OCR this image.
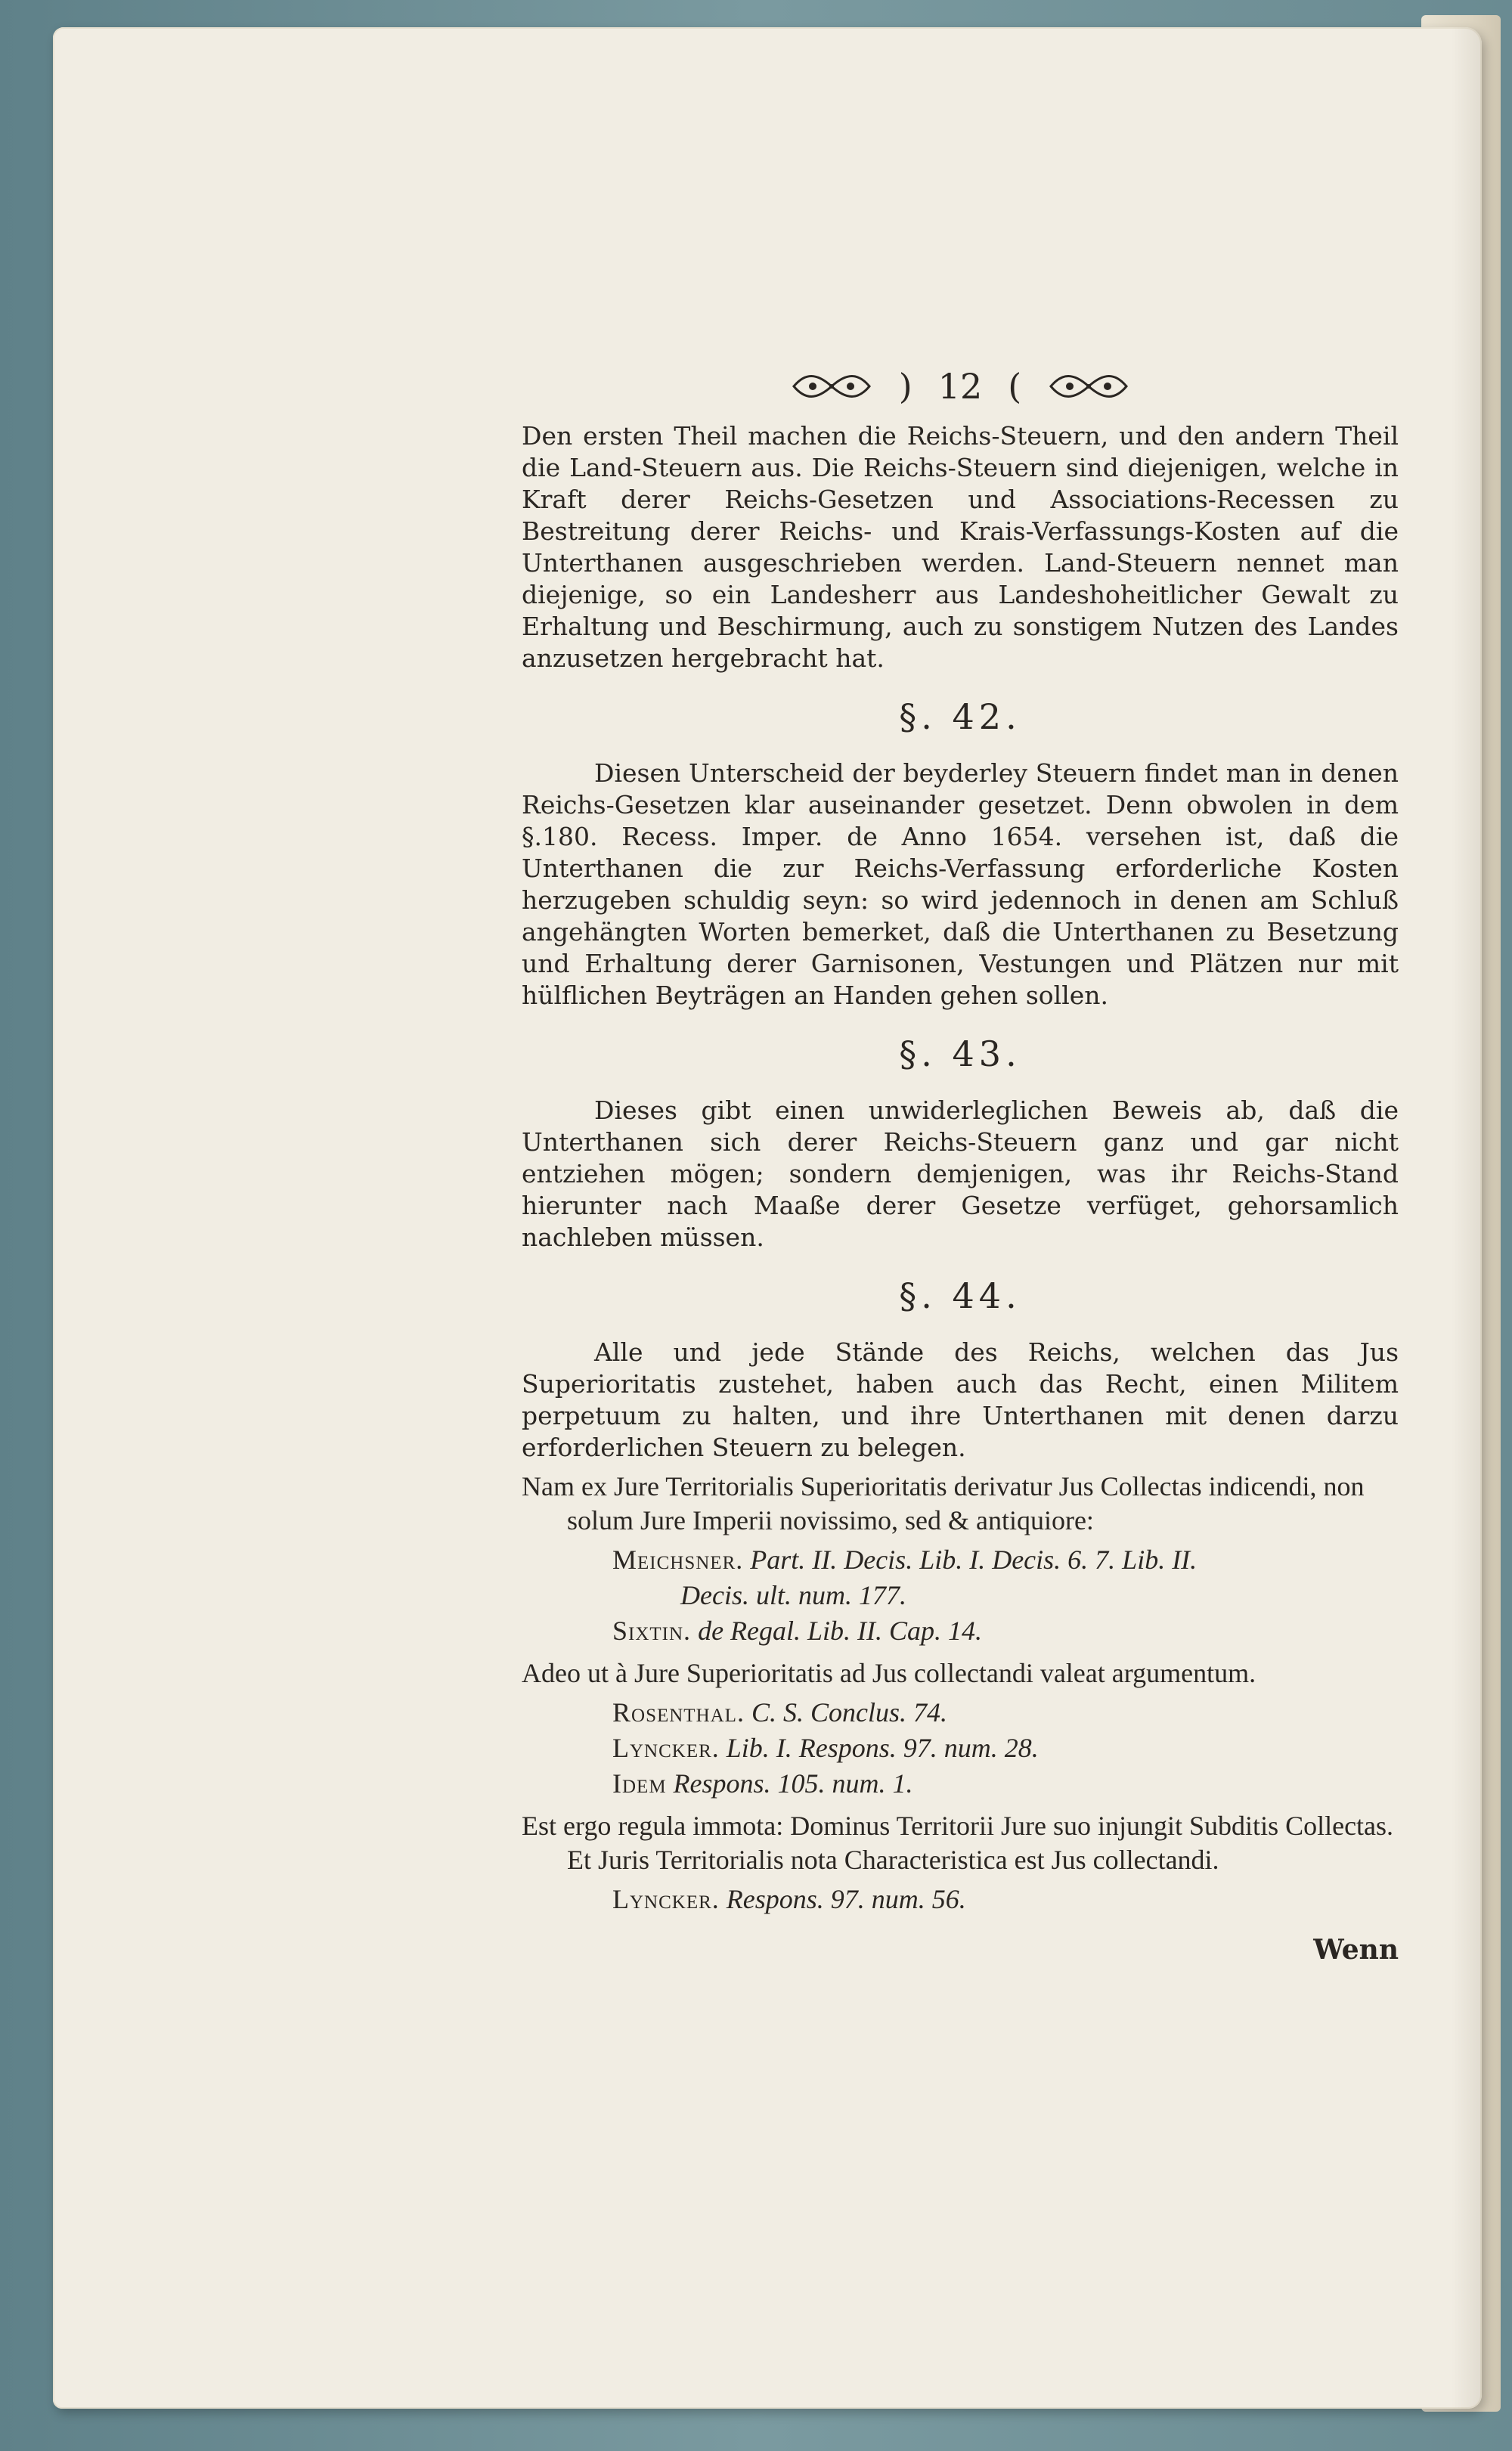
) 12 (

Den ersten Theil machen die Reichs-Steuern, und den andern Theil die Land-Steuern aus. Die Reichs-Steuern sind diejenigen, welche in Kraft derer Reichs-Gesetzen und Associations-Recessen zu Bestreitung derer Reichs- und Krais-Verfassungs-Kosten auf die Unterthanen ausgeschrieben werden. Land-Steuern nennet man diejenige, so ein Landesherr aus Landeshoheitlicher Gewalt zu Erhaltung und Beschirmung, auch zu sonstigem Nutzen des Landes anzusetzen hergebracht hat.

§. 42.

Diesen Unterscheid der beyderley Steuern findet man in denen Reichs-Gesetzen klar auseinander gesetzet. Denn obwolen in dem §.180. Recess. Imper. de Anno 1654. versehen ist, daß die Unterthanen die zur Reichs-Verfassung erforderliche Kosten herzugeben schuldig seyn: so wird jedennoch in denen am Schluß angehängten Worten bemerket, daß die Unterthanen zu Besetzung und Erhaltung derer Garnisonen, Vestungen und Plätzen nur mit hülflichen Beyträgen an Handen gehen sollen.

§. 43.

Dieses gibt einen unwiderleglichen Beweis ab, daß die Unterthanen sich derer Reichs-Steuern ganz und gar nicht entziehen mögen; sondern demjenigen, was ihr Reichs-Stand hierunter nach Maaße derer Gesetze verfüget, gehorsamlich nachleben müssen.

§. 44.

Alle und jede Stände des Reichs, welchen das Jus Superioritatis zustehet, haben auch das Recht, einen Militem perpetuum zu halten, und ihre Unterthanen mit denen darzu erforderlichen Steuern zu belegen.

Nam ex Jure Territorialis Superioritatis derivatur Jus Collectas indicendi, non solum Jure Imperii novissimo, sed & antiquiore:

Meichsner. Part. II. Decis. Lib. I. Decis. 6. 7. Lib. II.

Decis. ult. num. 177.

Sixtin. de Regal. Lib. II. Cap. 14.

Adeo ut à Jure Superioritatis ad Jus collectandi valeat argumentum.

Rosenthal. C. S. Conclus. 74.

Lyncker. Lib. I. Respons. 97. num. 28.

Idem Respons. 105. num. 1.

Est ergo regula immota: Dominus Territorii Jure suo injungit Subditis Collectas. Et Juris Territorialis nota Characteristica est Jus collectandi.

Lyncker. Respons. 97. num. 56.

Wenn
